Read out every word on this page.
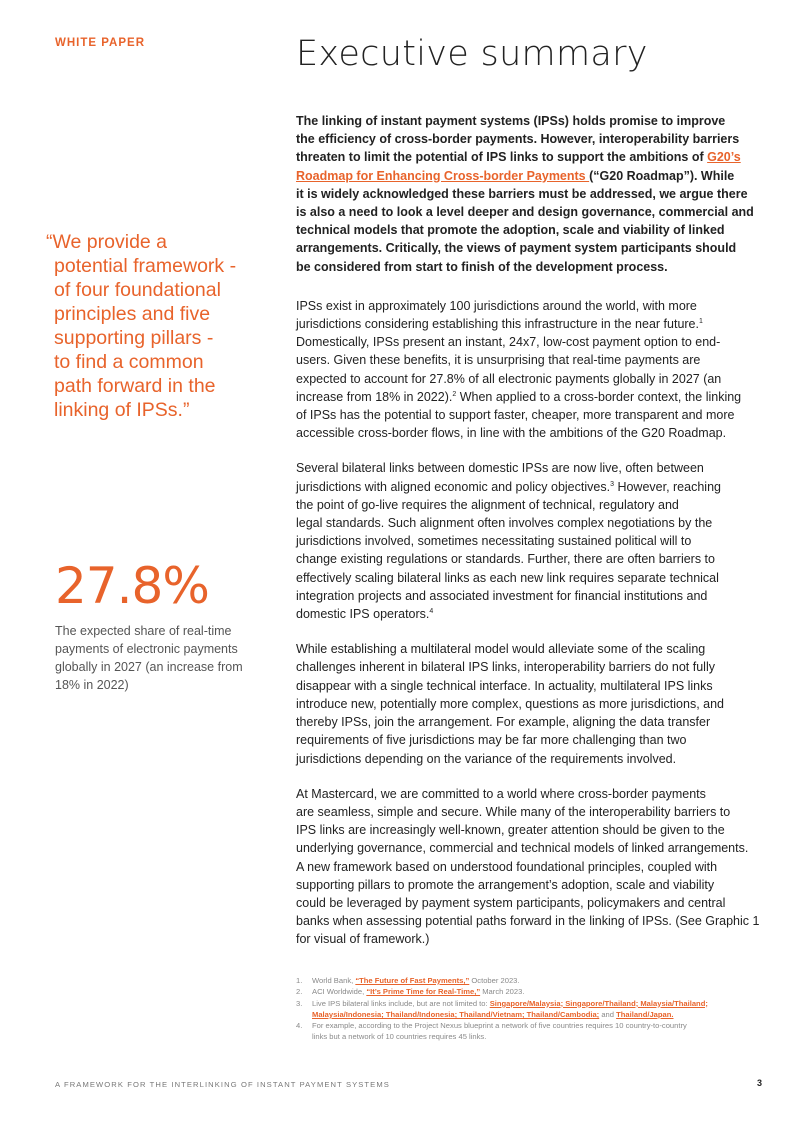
WHITE PAPER	Executive summary
“We provide a
potential framework -
of four foundational
principles and five
supporting pillars -
to find a common
path forward in the
linking of IPSs.”
27.8%
The expected share of real-time payments of electronic payments globally in 2027 (an increase from 18% in 2022)

The linking of instant payment systems (IPSs) holds promise to improve
the efficiency of cross-border payments. However, interoperability barriers
threaten to limit the potential of IPS links to support the ambitions of G20’s
Roadmap for Enhancing Cross-border Payments (“G20 Roadmap”). While
it is widely acknowledged these barriers must be addressed, we argue there
is also a need to look a level deeper and design governance, commercial and
technical models that promote the adoption, scale and viability of linked
arrangements. Critically, the views of payment system participants should
be considered from start to finish of the development process.

IPSs exist in approximately 100 jurisdictions around the world, with more
jurisdictions considering establishing this infrastructure in the near future.$^1$
Domestically, IPSs present an instant, 24x7, low-cost payment option to end-
users. Given these benefits, it is unsurprising that real-time payments are
expected to account for 27.8% of all electronic payments globally in 2027 (an
increase from 18% in 2022).$^2$ When applied to a cross-border context, the linking
of IPSs has the potential to support faster, cheaper, more transparent and more
accessible cross-border flows, in line with the ambitions of the G20 Roadmap.

Several bilateral links between domestic IPSs are now live, often between
jurisdictions with aligned economic and policy objectives.$^3$ However, reaching
the point of go-live requires the alignment of technical, regulatory and
legal standards. Such alignment often involves complex negotiations by the
jurisdictions involved, sometimes necessitating sustained political will to
change existing regulations or standards. Further, there are often barriers to
effectively scaling bilateral links as each new link requires separate technical
integration projects and associated investment for financial institutions and
domestic IPS operators.$^4$

While establishing a multilateral model would alleviate some of the scaling
challenges inherent in bilateral IPS links, interoperability barriers do not fully
disappear with a single technical interface. In actuality, multilateral IPS links
introduce new, potentially more complex, questions as more jurisdictions, and
thereby IPSs, join the arrangement. For example, aligning the data transfer
requirements of five jurisdictions may be far more challenging than two
jurisdictions depending on the variance of the requirements involved.

At Mastercard, we are committed to a world where cross-border payments
are seamless, simple and secure. While many of the interoperability barriers to
IPS links are increasingly well-known, greater attention should be given to the
underlying governance, commercial and technical models of linked arrangements.
A new framework based on understood foundational principles, coupled with
supporting pillars to promote the arrangement’s adoption, scale and viability
could be leveraged by payment system participants, policymakers and central
banks when assessing potential paths forward in the linking of IPSs. (See Graphic 1
for visual of framework.)

1. World Bank, “The Future of Fast Payments,” October 2023.
2. ACI Worldwide, “It’s Prime Time for Real-Time,” March 2023.
3. Live IPS bilateral links include, but are not limited to: Singapore/Malaysia; Singapore/Thailand; Malaysia/Thailand;
Malaysia/Indonesia; Thailand/Indonesia; Thailand/Vietnam; Thailand/Cambodia; and Thailand/Japan.
4. For example, according to the Project Nexus blueprint a network of five countries requires 10 country-to-country
links but a network of 10 countries requires 45 links.
A FRAMEWORK FOR THE INTERLINKING OF INSTANT PAYMENT SYSTEMS	3
